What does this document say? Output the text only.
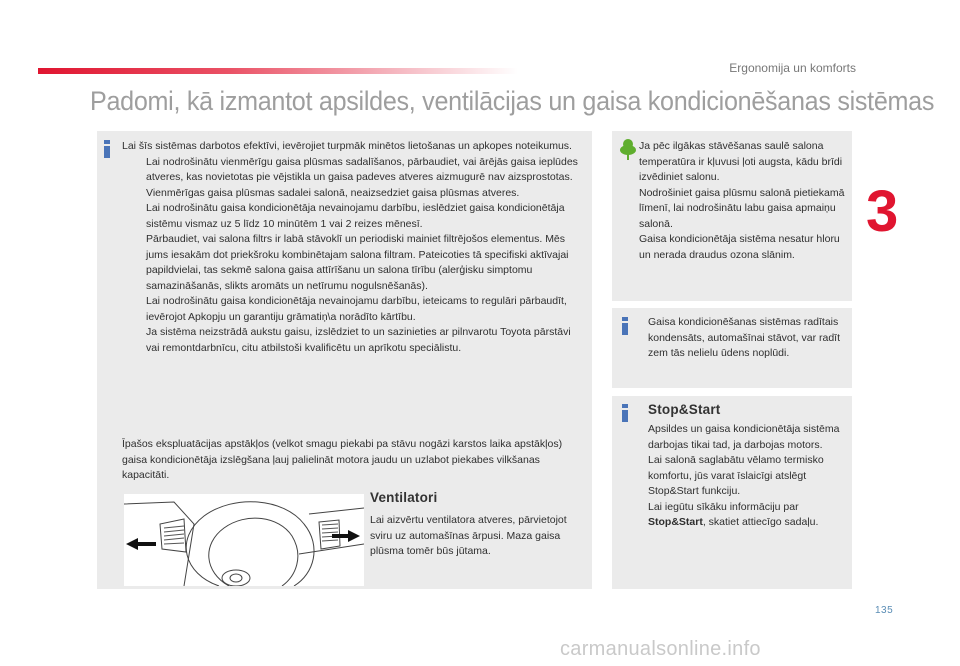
Ergonomija un komforts
Padomi, kā izmantot apsildes, ventilācijas un gaisa kondicionēšanas sistēmas
3

Lai šīs sistēmas darbotos efektīvi, ievērojiet turpmāk minētos lietošanas un apkopes noteikumus.

Lai nodrošinātu vienmērīgu gaisa plūsmas sadalīšanos, pārbaudiet, vai ārējās gaisa ieplūdes atveres, kas novietotas pie vējstikla un gaisa padeves atveres aizmugurē nav aizsprostotas.
Vienmērīgas gaisa plūsmas sadalei salonā, neaizsedziet gaisa plūsmas atveres.
Lai nodrošinātu gaisa kondicionētāja nevainojamu darbību, ieslēdziet gaisa kondicionētāja sistēmu vismaz uz 5 līdz 10 minūtēm 1 vai 2 reizes mēnesī.
Pārbaudiet, vai salona filtrs ir labā stāvoklī un periodiski mainiet filtrējošos elementus. Mēs jums iesakām dot priekšroku kombinētajam salona filtram. Pateicoties tā specifiski aktīvajai papildvielai, tas sekmē salona gaisa attīrīšanu un salona tīrību (alerģisku simptomu samazināšanās, slikts aromāts un netīrumu nogulsnēšanās).
Lai nodrošinātu gaisa kondicionētāja nevainojamu darbību, ieteicams to regulāri pārbaudīt, ievērojot Apkopju un garantiju grāmatiņ\a norādīto kārtību.
Ja sistēma neizstrādā aukstu gaisu, izslēdziet to un sazinieties ar pilnvarotu Toyota pārstāvi vai remontdarbnīcu, citu atbilstoši kvalificētu un aprīkotu speciālistu.
Īpašos ekspluatācijas apstākļos (velkot smagu piekabi pa stāvu nogāzi karstos laika apstākļos) gaisa kondicionētāja izslēgšana ļauj palielināt motora jaudu un uzlabot piekabes vilkšanas kapacitāti.
Ventilatori
Lai aizvērtu ventilatora atveres, pārvietojot sviru uz automašīnas ārpusi. Maza gaisa plūsma tomēr būs jūtama.

Ja pēc ilgākas stāvēšanas saulē salona temperatūra ir kļuvusi ļoti augsta, kādu brīdi izvēdiniet salonu.

Nodrošiniet gaisa plūsmu salonā pietiekamā līmenī, lai nodrošinātu labu gaisa apmaiņu salonā.

Gaisa kondicionētāja sistēma nesatur hloru un nerada draudus ozona slānim.

Gaisa kondicionēšanas sistēmas radītais kondensāts, automašīnai stāvot, var radīt zem tās nelielu ūdens noplūdi.
Stop&Start

Apsildes un gaisa kondicionētāja sistēma darbojas tikai tad, ja darbojas motors.

Lai salonā saglabātu vēlamo termisko komfortu, jūs varat īslaicīgi atslēgt Stop&Start funkciju.

Lai iegūtu sīkāku informāciju par
Stop&Start, skatiet attiecīgo sadaļu.

135
carmanualsonline.info
